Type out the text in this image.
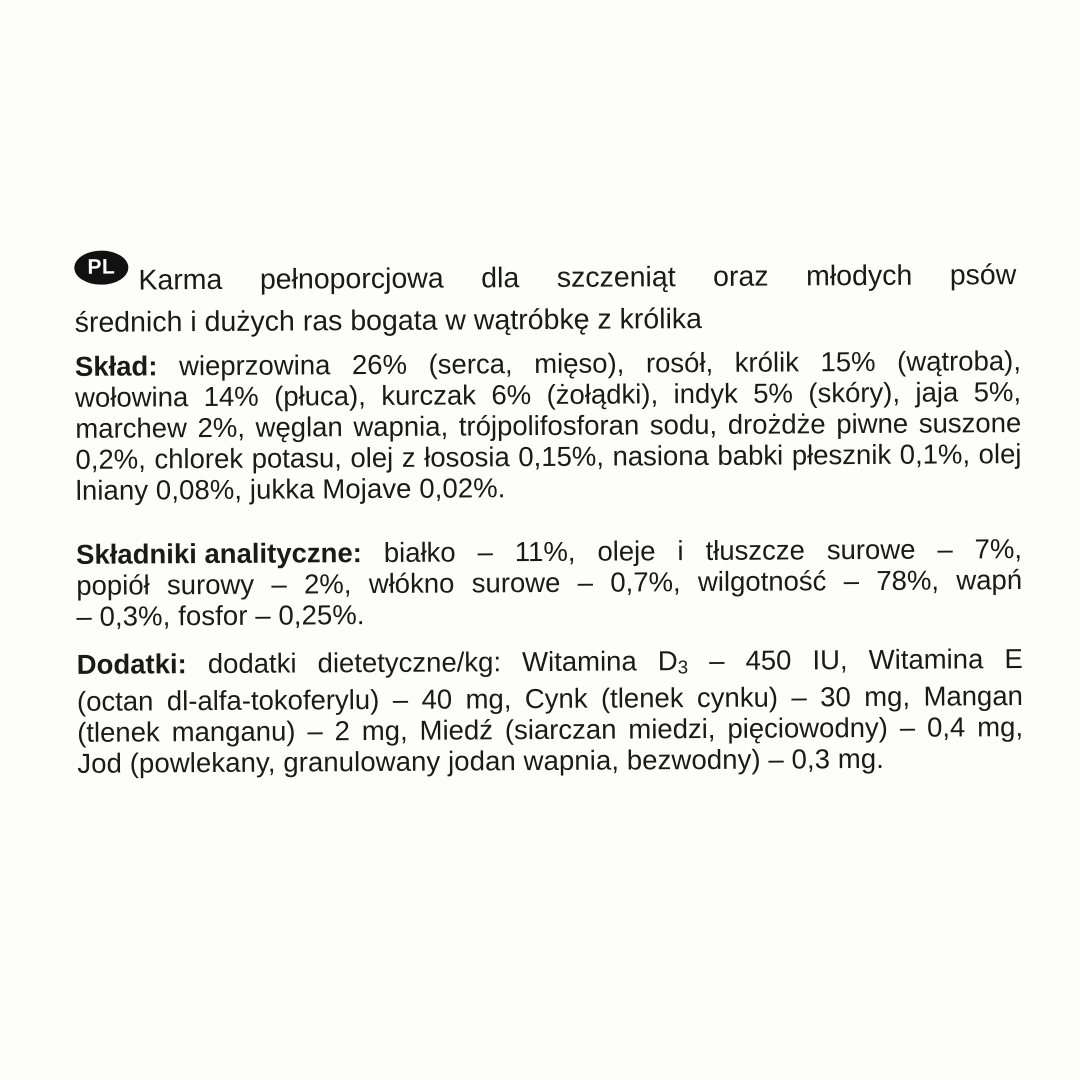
PL Karma pełnoporcjowa dla szczeniąt oraz młodych psów
średnich i dużych ras bogata w wątróbkę z królika
Skład: wieprzowina 26% (serca, mięso), rosół, królik 15% (wątroba),
wołowina 14% (płuca), kurczak 6% (żołądki), indyk 5% (skóry), jaja 5%,
marchew 2%, węglan wapnia, trójpolifosforan sodu, drożdże piwne suszone
0,2%, chlorek potasu, olej z łososia 0,15%, nasiona babki płesznik 0,1%, olej
lniany 0,08%, jukka Mojave 0,02%.
Składniki analityczne: białko – 11%, oleje i tłuszcze surowe – 7%,
popiół surowy – 2%, włókno surowe – 0,7%, wilgotność – 78%, wapń
– 0,3%, fosfor – 0,25%.
Dodatki: dodatki dietetyczne/kg: Witamina D3 – 450 IU, Witamina E
(octan dl-alfa-tokoferylu) – 40 mg, Cynk (tlenek cynku) – 30 mg, Mangan
(tlenek manganu) – 2 mg, Miedź (siarczan miedzi, pięciowodny) – 0,4 mg,
Jod (powlekany, granulowany jodan wapnia, bezwodny) – 0,3 mg.
